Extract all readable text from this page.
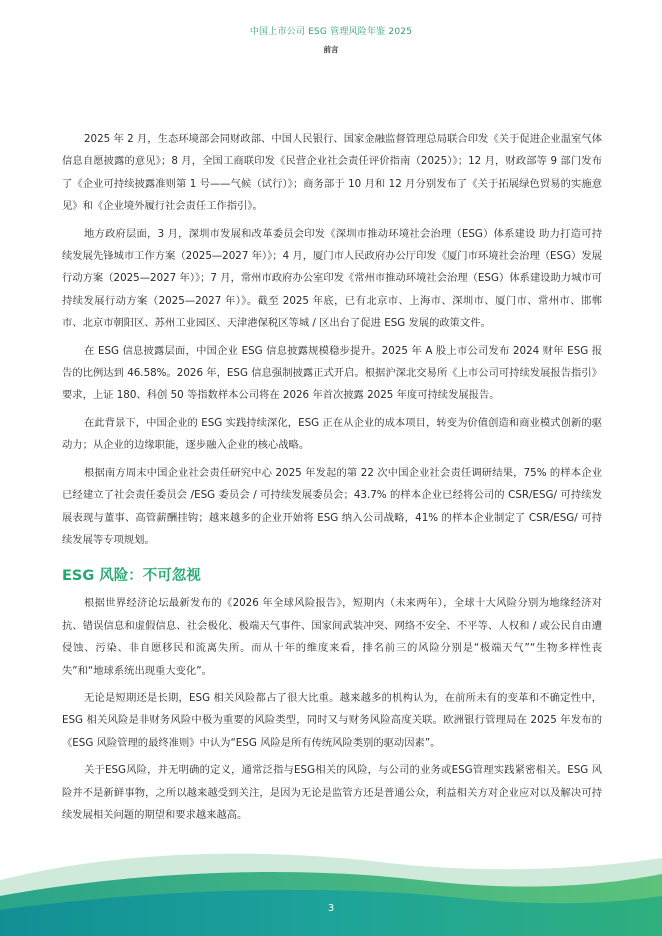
中国上市公司 ESG 管理风险年鉴 2025
前言

2025 年 2 月，生态环境部会同财政部、中国人民银行、国家金融监督管理总局联合印发《关于促进企业温室气体信息自愿披露的意见》；8 月，全国工商联印发《民营企业社会责任评价指南（2025）》；12 月，财政部等 9 部门发布了《企业可持续披露准则第 1 号——气候（试行）》；商务部于 10 月和 12 月分别发布了《关于拓展绿色贸易的实施意见》和《企业境外履行社会责任工作指引》。

地方政府层面，3 月，深圳市发展和改革委员会印发《深圳市推动环境社会治理（ESG）体系建设 助力打造可持续发展先锋城市工作方案（2025—2027 年）》；4 月，厦门市人民政府办公厅印发《厦门市环境社会治理（ESG）发展行动方案（2025—2027 年）》；7 月，常州市政府办公室印发《常州市推动环境社会治理（ESG）体系建设助力城市可持续发展行动方案（2025—2027 年）》。截至 2025 年底，已有北京市、上海市、深圳市、厦门市、常州市、邯郸市、北京市朝阳区、苏州工业园区、天津港保税区等城 / 区出台了促进 ESG 发展的政策文件。

在 ESG 信息披露层面，中国企业 ESG 信息披露规模稳步提升。2025 年 A 股上市公司发布 2024 财年 ESG 报告的比例达到 46.58%。2026 年，ESG 信息强制披露正式开启。根据沪深北交易所《上市公司可持续发展报告指引》要求，上证 180、科创 50 等指数样本公司将在 2026 年首次披露 2025 年度可持续发展报告。

在此背景下，中国企业的 ESG 实践持续深化，ESG 正在从企业的成本项目，转变为价值创造和商业模式创新的驱动力；从企业的边缘职能，逐步融入企业的核心战略。

根据南方周末中国企业社会责任研究中心 2025 年发起的第 22 次中国企业社会责任调研结果，75% 的样本企业已经建立了社会责任委员会 /ESG 委员会 / 可持续发展委员会；43.7% 的样本企业已经将公司的 CSR/ESG/ 可持续发展表现与董事、高管薪酬挂钩；越来越多的企业开始将 ESG 纳入公司战略，41% 的样本企业制定了 CSR/ESG/ 可持续发展等专项规划。

ESG 风险：不可忽视

根据世界经济论坛最新发布的《2026 年全球风险报告》，短期内（未来两年），全球十大风险分别为地缘经济对抗、错误信息和虚假信息、社会极化、极端天气事件、国家间武装冲突、网络不安全、不平等、人权和 / 或公民自由遭侵蚀、污染、非自愿移民和流离失所。而从十年的维度来看，排名前三的风险分别是“极端天气”“生物多样性丧失”和“地球系统出现重大变化”。

无论是短期还是长期，ESG 相关风险都占了很大比重。越来越多的机构认为，在前所未有的变革和不确定性中，ESG 相关风险是非财务风险中极为重要的风险类型，同时又与财务风险高度关联。欧洲银行管理局在 2025 年发布的《ESG 风险管理的最终准则》中认为“ESG 风险是所有传统风险类别的驱动因素”。

关于ESG风险，并无明确的定义，通常泛指与ESG相关的风险，与公司的业务或ESG管理实践紧密相关。ESG 风险并不是新鲜事物，之所以越来越受到关注，是因为无论是监管方还是普通公众，利益相关方对企业应对以及解决可持续发展相关问题的期望和要求越来越高。

3
